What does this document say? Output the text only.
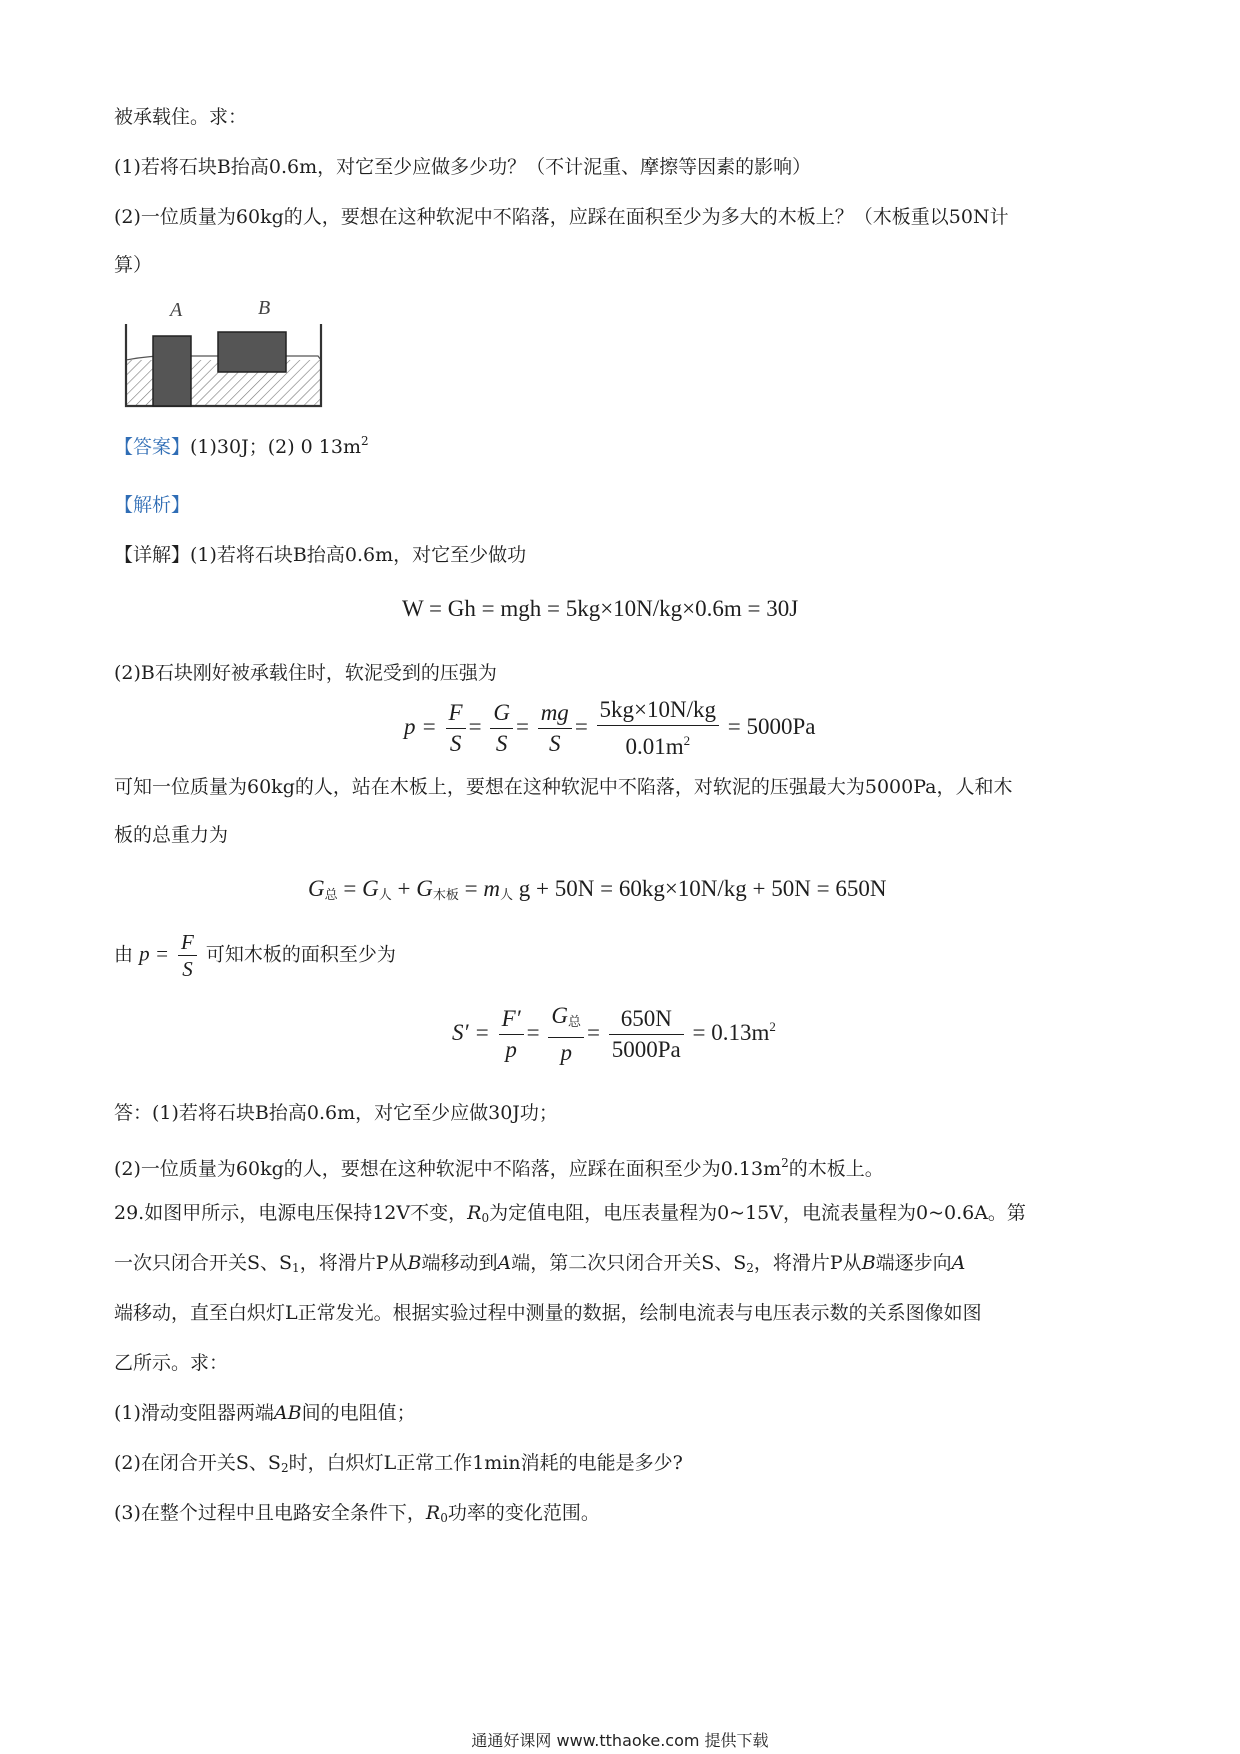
被承载住。求：
(1)若将石块B抬高0.6m，对它至少应做多少功？（不计泥重、摩擦等因素的影响）
(2)一位质量为60kg的人，要想在这种软泥中不陷落，应踩在面积至少为多大的木板上？（木板重以50N计
算）
A	B
【答案】(1)30J；(2) 0 $13m^2$
【解析】
【详解】(1)若将石块B抬高0.6m，对它至少做功
W = Gh = mgh = 5kg×10N/kg×0.6m = 30J
(2)B石块刚好被承载住时，软泥受到的压强为
$p = \frac{F}{S} = \frac{G}{S} = \frac{mg}{S} = \frac{5kg\times 10N/kg}{0.01m^2} = 5000Pa$
可知一位质量为60kg的人，站在木板上，要想在这种软泥中不陷落，对软泥的压强最大为5000Pa，人和木
板的总重力为
$G_总 = G_人 + G_{木板} = m_人$ g + 50N = 60kg×10N/kg + 50N = 650N
由 $p = \frac{F}{S}$ 可知木板的面积至少为
$S' = \frac{F'}{p} = \frac{G_总}{p} = \frac{650N}{5000Pa} = 0.13m^2$
答：(1)若将石块B抬高0.6m，对它至少应做30J功；
(2)一位质量为60kg的人，要想在这种软泥中不陷落，应踩在面积至少为$0.13m^2$的木板上。
29.如图甲所示，电源电压保持12V不变，R0为定值电阻，电压表量程为0~15V，电流表量程为0~0.6A。第
一次只闭合开关S、S1，将滑片P从B端移动到A端，第二次只闭合开关S、S2，将滑片P从B端逐步向A
端移动，直至白炽灯L正常发光。根据实验过程中测量的数据，绘制电流表与电压表示数的关系图像如图
乙所示。求：
(1)滑动变阻器两端AB间的电阻值；
(2)在闭合开关S、S2时，白炽灯L正常工作1min消耗的电能是多少?
(3)在整个过程中且电路安全条件下，R0功率的变化范围。
通通好课网 www.tthaoke.com 提供下载
